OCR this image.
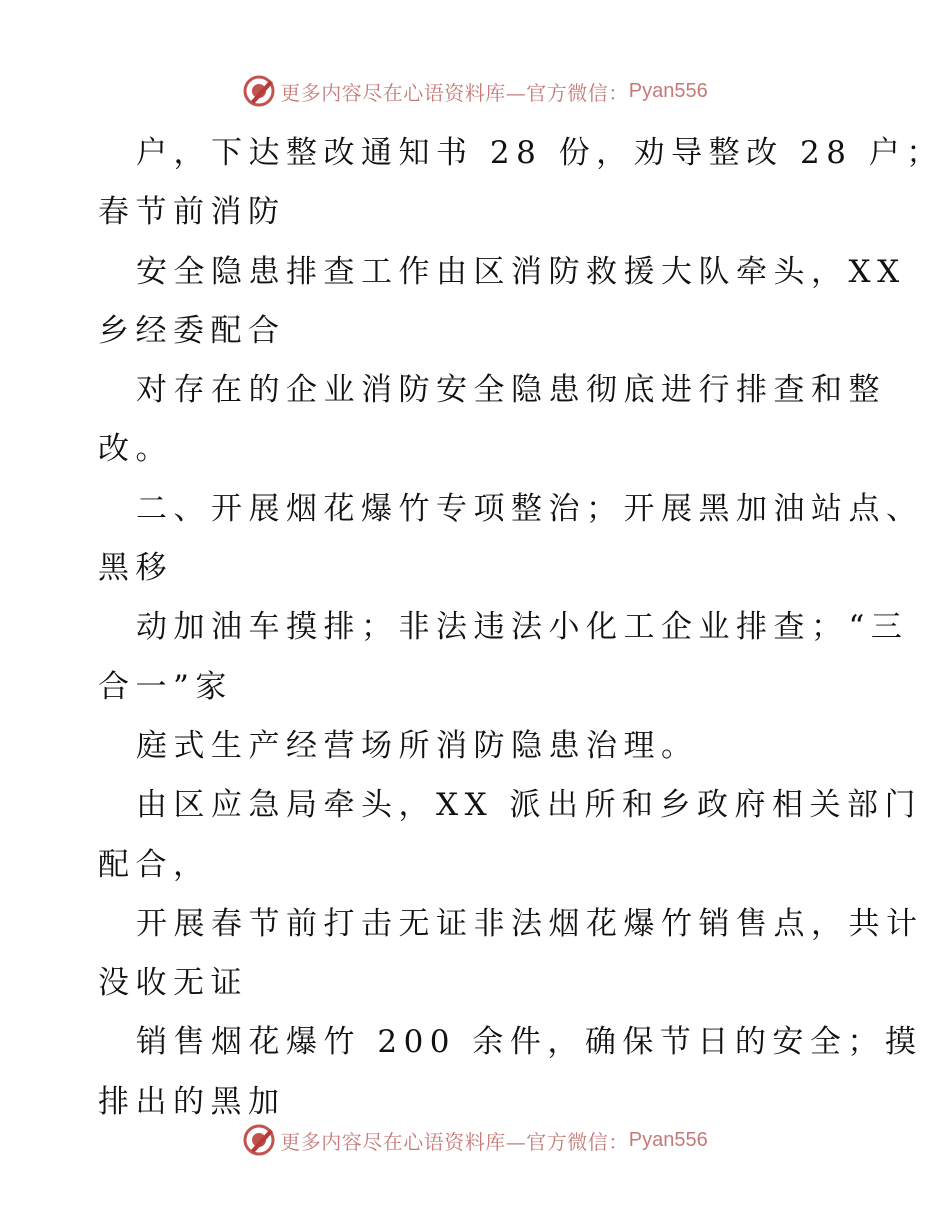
更多内容尽在心语资料库—官方微信： Pyan556
户，下达整改通知书 28 份，劝导整改 28 户；
春节前消防
安全隐患排查工作由区消防救援大队牵头，XX
乡经委配合
对存在的企业消防安全隐患彻底进行排查和整
改。
二、开展烟花爆竹专项整治；开展黑加油站点、
黑移
动加油车摸排；非法违法小化工企业排查；“三
合一”家
庭式生产经营场所消防隐患治理。
由区应急局牵头，XX 派出所和乡政府相关部门
配合，
开展春节前打击无证非法烟花爆竹销售点，共计
没收无证
销售烟花爆竹 200 余件，确保节日的安全；摸
排出的黑加
更多内容尽在心语资料库—官方微信： Pyan556
